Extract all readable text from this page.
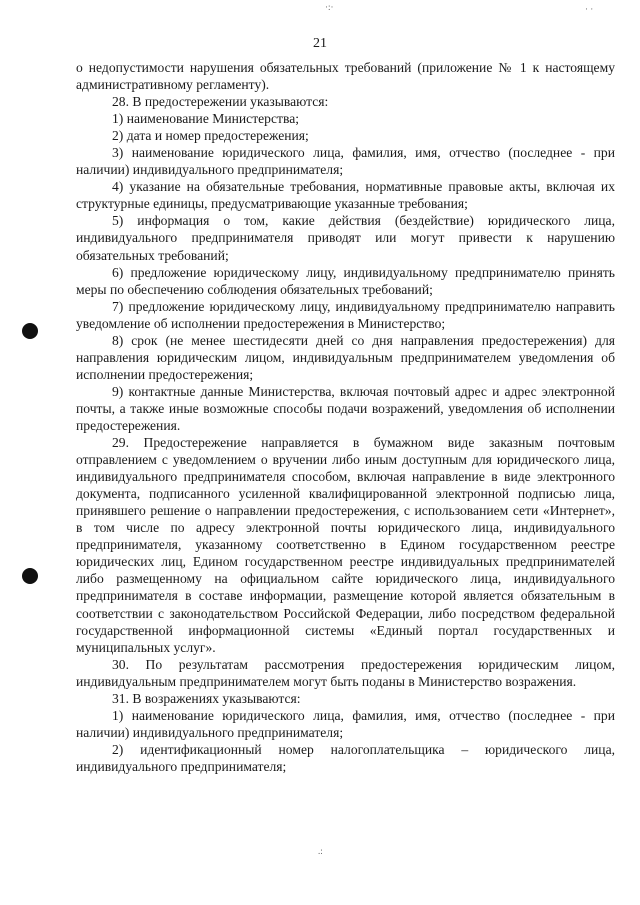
21
·:·	· ·
.:

о недопустимости нарушения обязательных требований (приложение № 1 к настоящему административному регламенту).

28. В предостережении указываются:

1) наименование Министерства;

2) дата и номер предостережения;

3) наименование юридического лица, фамилия, имя, отчество (последнее - при наличии) индивидуального предпринимателя;

4) указание на обязательные требования, нормативные правовые акты, включая их структурные единицы, предусматривающие указанные требования;

5) информация о том, какие действия (бездействие) юридического лица, индивидуального предпринимателя приводят или могут привести к нарушению обязательных требований;

6) предложение юридическому лицу, индивидуальному предпринимателю принять меры по обеспечению соблюдения обязательных требований;

7) предложение юридическому лицу, индивидуальному предпринимателю направить уведомление об исполнении предостережения в Министерство;

8) срок (не менее шестидесяти дней со дня направления предостережения) для направления юридическим лицом, индивидуальным предпринимателем уведомления об исполнении предостережения;

9) контактные данные Министерства, включая почтовый адрес и адрес электронной почты, а также иные возможные способы подачи возражений, уведомления об исполнении предостережения.

29. Предостережение направляется в бумажном виде заказным почтовым отправлением с уведомлением о вручении либо иным доступным для юридического лица, индивидуального предпринимателя способом, включая направление в виде электронного документа, подписанного усиленной квалифицированной электронной подписью лица, принявшего решение о направлении предостережения, с использованием сети «Интернет», в том числе по адресу электронной почты юридического лица, индивидуального предпринимателя, указанному соответственно в Едином государственном реестре юридических лиц, Едином государственном реестре индивидуальных предпринимателей либо размещенному на официальном сайте юридического лица, индивидуального предпринимателя в составе информации, размещение которой является обязательным в соответствии с законодательством Российской Федерации, либо посредством федеральной государственной информационной системы «Единый портал государственных и муниципальных услуг».

30. По результатам рассмотрения предостережения юридическим лицом, индивидуальным предпринимателем могут быть поданы в Министерство возражения.

31. В возражениях указываются:

1) наименование юридического лица, фамилия, имя, отчество (последнее - при наличии) индивидуального предпринимателя;

2) идентификационный номер налогоплательщика – юридического лица, индивидуального предпринимателя;
